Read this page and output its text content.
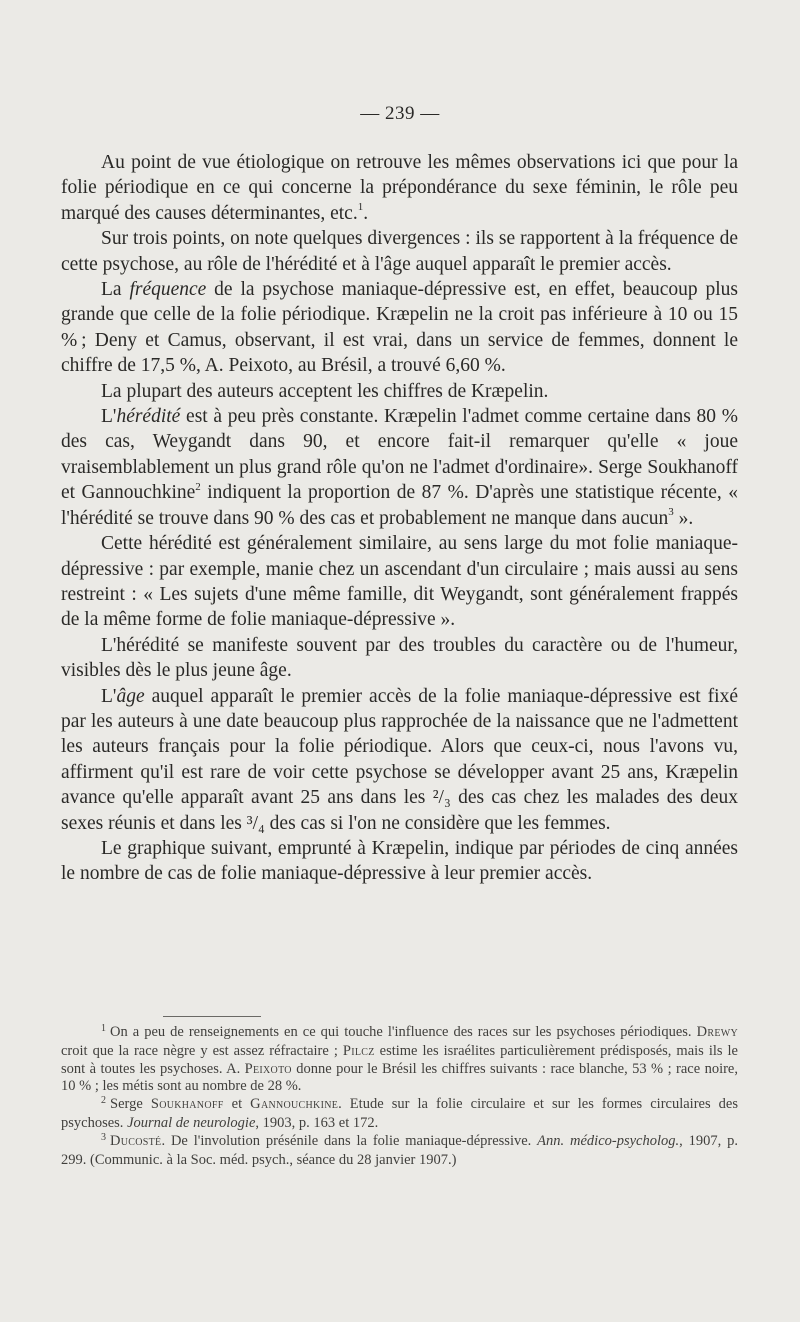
— 239 —

Au point de vue étiologique on retrouve les mêmes observations ici que pour la folie périodique en ce qui concerne la prépondérance du sexe féminin, le rôle peu marqué des causes déterminantes, etc.$^1$.

Sur trois points, on note quelques divergences : ils se rapportent à la fréquence de cette psychose, au rôle de l'hérédité et à l'âge auquel apparaît le premier accès.

La fréquence de la psychose maniaque-dépressive est, en effet, beaucoup plus grande que celle de la folie périodique. Kræpelin ne la croit pas inférieure à 10 ou 15 % ; Deny et Camus, observant, il est vrai, dans un service de femmes, donnent le chiffre de 17,5 %, A. Peixoto, au Brésil, a trouvé 6,60 %.

La plupart des auteurs acceptent les chiffres de Kræpelin.

L'hérédité est à peu près constante. Kræpelin l'admet comme certaine dans 80 % des cas, Weygandt dans 90, et encore fait-il remarquer qu'elle « joue vraisemblablement un plus grand rôle qu'on ne l'admet d'ordinaire». Serge Soukhanoff et Gannouchkine$^2$ indiquent la proportion de 87 %. D'après une statistique récente, « l'hérédité se trouve dans 90 % des cas et probablement ne manque dans aucun$^3$ ».

Cette hérédité est généralement similaire, au sens large du mot folie maniaque-dépressive : par exemple, manie chez un ascendant d'un circulaire ; mais aussi au sens restreint : « Les sujets d'une même famille, dit Weygandt, sont généralement frappés de la même forme de folie maniaque-dépressive ».

L'hérédité se manifeste souvent par des troubles du caractère ou de l'humeur, visibles dès le plus jeune âge.

L'âge auquel apparaît le premier accès de la folie maniaque-dépressive est fixé par les auteurs à une date beaucoup plus rapprochée de la naissance que ne l'admettent les auteurs français pour la folie périodique. Alors que ceux-ci, nous l'avons vu, affirment qu'il est rare de voir cette psychose se développer avant 25 ans, Kræpelin avance qu'elle apparaît avant 25 ans dans les ²/₃ des cas chez les malades des deux sexes réunis et dans les ³/₄ des cas si l'on ne considère que les femmes.

Le graphique suivant, emprunté à Kræpelin, indique par périodes de cinq années le nombre de cas de folie maniaque-dépressive à leur premier accès.

$^1$ On a peu de renseignements en ce qui touche l'influence des races sur les psychoses périodiques. Drewy croit que la race nègre y est assez réfractaire ; Pilcz estime les israélites particulièrement prédisposés, mais ils le sont à toutes les psychoses. A. Peixoto donne pour le Brésil les chiffres suivants : race blanche, 53 % ; race noire, 10 % ; les métis sont au nombre de 28 %.

$^2$ Serge Soukhanoff et Gannouchkine. Etude sur la folie circulaire et sur les formes circulaires des psychoses. Journal de neurologie, 1903, p. 163 et 172.

$^3$ Ducosté. De l'involution présénile dans la folie maniaque-dépressive. Ann. médico-psycholog., 1907, p. 299. (Communic. à la Soc. méd. psych., séance du 28 janvier 1907.)
